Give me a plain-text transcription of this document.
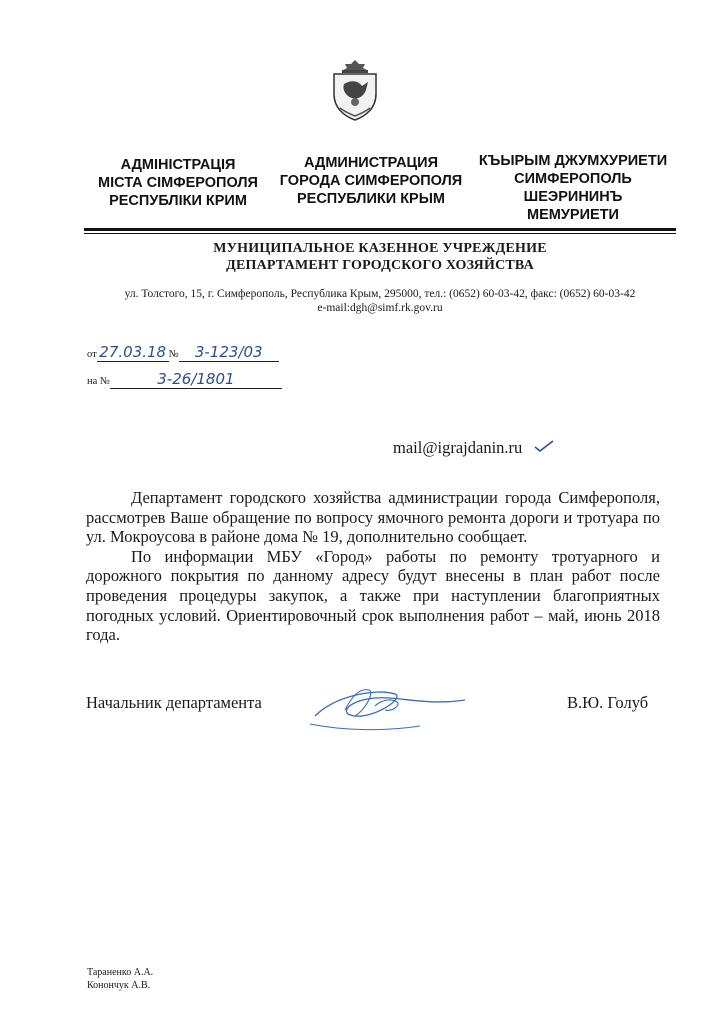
АДМІНІСТРАЦІЯ
МІСТА СІМФЕРОПОЛЯ
РЕСПУБЛІКИ КРИМ
АДМИНИСТРАЦИЯ
ГОРОДА СИМФЕРОПОЛЯ
РЕСПУБЛИКИ КРЫМ
КЪЫРЫМ ДЖУМХУРИЕТИ
СИМФЕРОПОЛЬ
ШЕЭРИНИНЪ
МЕМУРИЕТИ
МУНИЦИПАЛЬНОЕ КАЗЕННОЕ УЧРЕЖДЕНИЕ
ДЕПАРТАМЕНТ ГОРОДСКОГО ХОЗЯЙСТВА
ул. Толстого, 15, г. Симферополь, Республика Крым, 295000, тел.: (0652) 60-03-42, факс: (0652) 60-03-42
e-mail:dgh@simf.rk.gov.ru
от 27.03.18 № 3-123/03
на №	3-26/1801
mail@igrajdanin.ru

Департамент городского хозяйства администрации города Симферополя, рассмотрев Ваше обращение по вопросу ямочного ремонта дороги и тротуара по ул. Мокроусова в районе дома № 19, дополнительно сообщает.

По информации МБУ «Город» работы по ремонту тротуарного и дорожного покрытия по данному адресу будут внесены в план работ после проведения процедуры закупок, а также при наступлении благоприятных погодных условий. Ориентировочный срок выполнения работ – май, июнь 2018 года.

Начальник департамента	В.Ю. Голуб
Тараненко А.А.
Конончук А.В.
